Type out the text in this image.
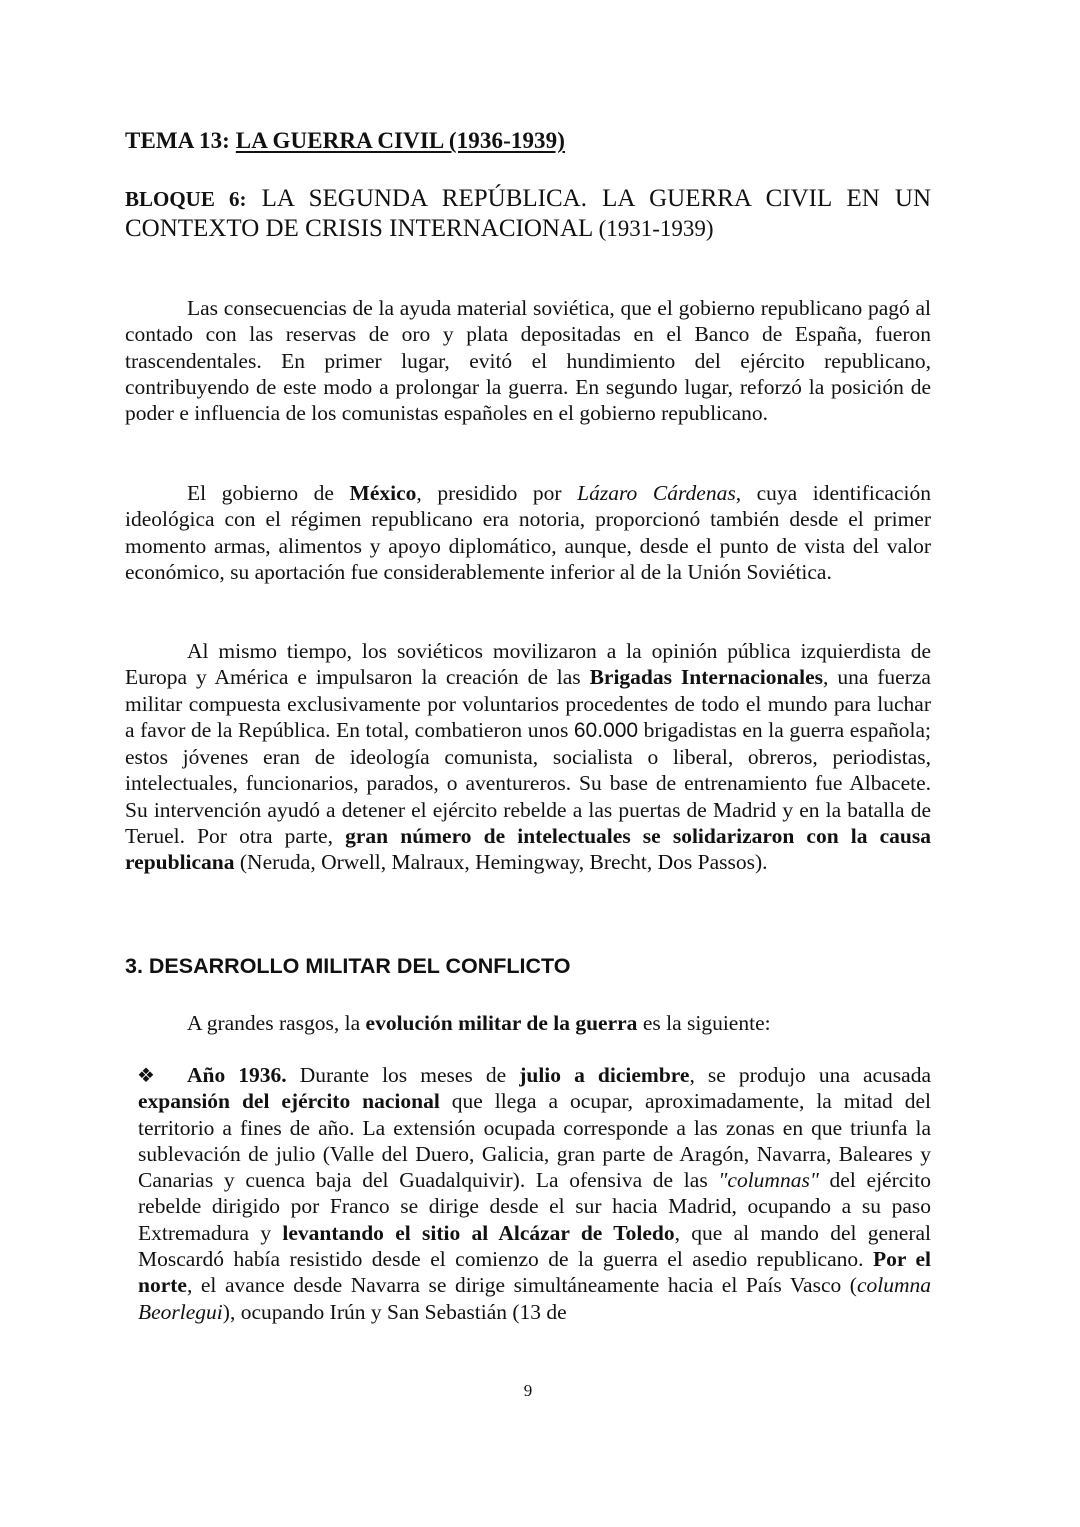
TEMA 13: LA GUERRA CIVIL (1936-1939)
BLOQUE 6: LA SEGUNDA REPÚBLICA. LA GUERRA CIVIL EN UN CONTEXTO DE CRISIS INTERNACIONAL (1931-1939)

Las consecuencias de la ayuda material soviética, que el gobierno republicano pagó al contado con las reservas de oro y plata depositadas en el Banco de España, fueron trascendentales. En primer lugar, evitó el hundimiento del ejército republicano, contribuyendo de este modo a prolongar la guerra. En segundo lugar, reforzó la posición de poder e influencia de los comunistas españoles en el gobierno republicano.

El gobierno de México, presidido por Lázaro Cárdenas, cuya identificación ideológica con el régimen republicano era notoria, proporcionó también desde el primer momento armas, alimentos y apoyo diplomático, aunque, desde el punto de vista del valor económico, su aportación fue considerablemente inferior al de la Unión Soviética.

Al mismo tiempo, los soviéticos movilizaron a la opinión pública izquierdista de Europa y América e impulsaron la creación de las Brigadas Internacionales, una fuerza militar compuesta exclusivamente por voluntarios procedentes de todo el mundo para luchar a favor de la República. En total, combatieron unos 60.000 brigadistas en la guerra española; estos jóvenes eran de ideología comunista, socialista o liberal, obreros, periodistas, intelectuales, funcionarios, parados, o aventureros. Su base de entrenamiento fue Albacete. Su intervención ayudó a detener el ejército rebelde a las puertas de Madrid y en la batalla de Teruel. Por otra parte, gran número de intelectuales se solidarizaron con la causa republicana (Neruda, Orwell, Malraux, Hemingway, Brecht, Dos Passos).

3. DESARROLLO MILITAR DEL CONFLICTO

A grandes rasgos, la evolución militar de la guerra es la siguiente:

❖	Año 1936. Durante los meses de julio a diciembre, se produjo una acusada expansión del ejército nacional que llega a ocupar, aproximadamente, la mitad del territorio a fines de año. La extensión ocupada corresponde a las zonas en que triunfa la sublevación de julio (Valle del Duero, Galicia, gran parte de Aragón, Navarra, Baleares y Canarias y cuenca baja del Guadalquivir). La ofensiva de las "columnas" del ejército rebelde dirigido por Franco se dirige desde el sur hacia Madrid, ocupando a su paso Extremadura y levantando el sitio al Alcázar de Toledo, que al mando del general Moscardó había resistido desde el comienzo de la guerra el asedio republicano. Por el norte, el avance desde Navarra se dirige simultáneamente hacia el País Vasco (columna Beorlegui), ocupando Irún y San Sebastián (13 de

9
